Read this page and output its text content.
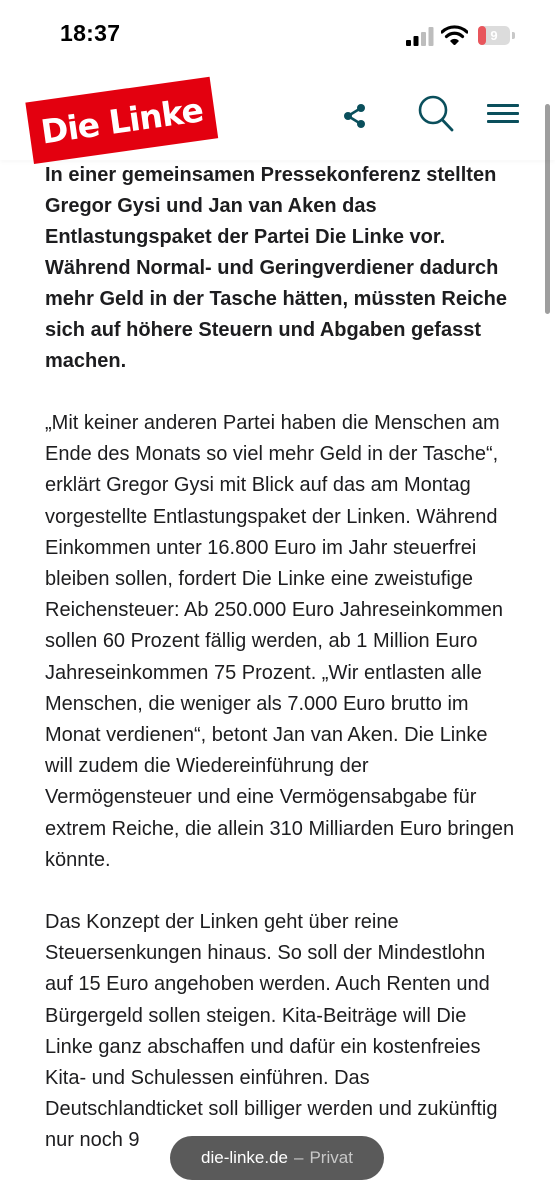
18:37	9

In einer gemeinsamen Pressekonferenz stellten Gregor Gysi und Jan van Aken das Entlastungspaket der Partei Die Linke vor. Während Normal- und Geringverdiener dadurch mehr Geld in der Tasche hätten, müssten Reiche sich auf höhere Steuern und Abgaben gefasst machen.

„Mit keiner anderen Partei haben die Menschen am Ende des Monats so viel mehr Geld in der Tasche“, erklärt Gregor Gysi mit Blick auf das am Montag vorgestellte Entlastungspaket der Linken. Während Einkommen unter 16.800 Euro im Jahr steuerfrei bleiben sollen, fordert Die Linke eine zweistufige Reichensteuer: Ab 250.000 Euro Jahreseinkommen sollen 60 Prozent fällig werden, ab 1 Million Euro Jahreseinkommen 75 Prozent. „Wir entlasten alle Menschen, die weniger als 7.000 Euro brutto im Monat verdienen“, betont Jan van Aken. Die Linke will zudem die Wiedereinführung der Vermögensteuer und eine Vermögensabgabe für extrem Reiche, die allein 310 Milliarden Euro bringen könnte.

Das Konzept der Linken geht über reine Steuersenkungen hinaus. So soll der Mindestlohn auf 15 Euro angehoben werden. Auch Renten und Bürgergeld sollen steigen. Kita-Beiträge will Die Linke ganz abschaffen und dafür ein kostenfreies Kita- und Schulessen einführen. Das Deutschlandticket soll billiger werden und zukünftig nur noch 9

Die Linke
die-linke.de – Privat
